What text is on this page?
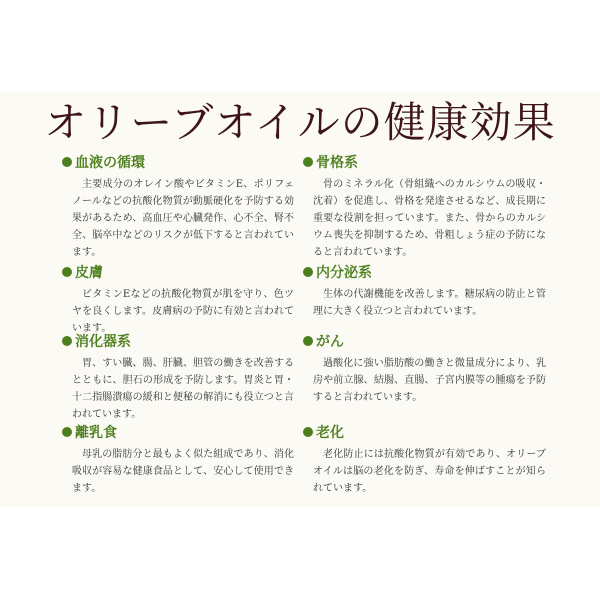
オリーブオイルの健康効果
血液の循環

主要成分のオレイン酸やビタミンE、ポリフェノールなどの抗酸化物質が動脈硬化を予防する効果があるため、高血圧や心臓発作、心不全、腎不全、脳卒中などのリスクが低下すると言われています。

皮膚

ビタミンEなどの抗酸化物質が肌を守り、色ツヤを良くします。皮膚病の予防に有効と言われています。

消化器系

胃、すい臓、腸、肝臓、胆管の働きを改善するとともに、胆石の形成を予防します。胃炎と胃・十二指腸潰瘍の緩和と便秘の解消にも役立つと言われています。

離乳食

母乳の脂肪分と最もよく似た組成であり、消化吸収が容易な健康食品として、安心して使用できます。

骨格系

骨のミネラル化（骨組織へのカルシウムの吸収・沈着）を促進し、骨格を発達させるなど、成長期に重要な役割を担っています。また、骨からのカルシウム喪失を抑制するため、骨粗しょう症の予防になると言われています。

内分泌系

生体の代謝機能を改善します。糖尿病の防止と管理に大きく役立つと言われています。

がん

過酸化に強い脂肪酸の働きと微量成分により、乳房や前立腺、結腸、直腸、子宮内膜等の腫瘍を予防すると言われています。

老化

老化防止には抗酸化物質が有効であり、オリーブオイルは脳の老化を防ぎ、寿命を伸ばすことが知られています。
